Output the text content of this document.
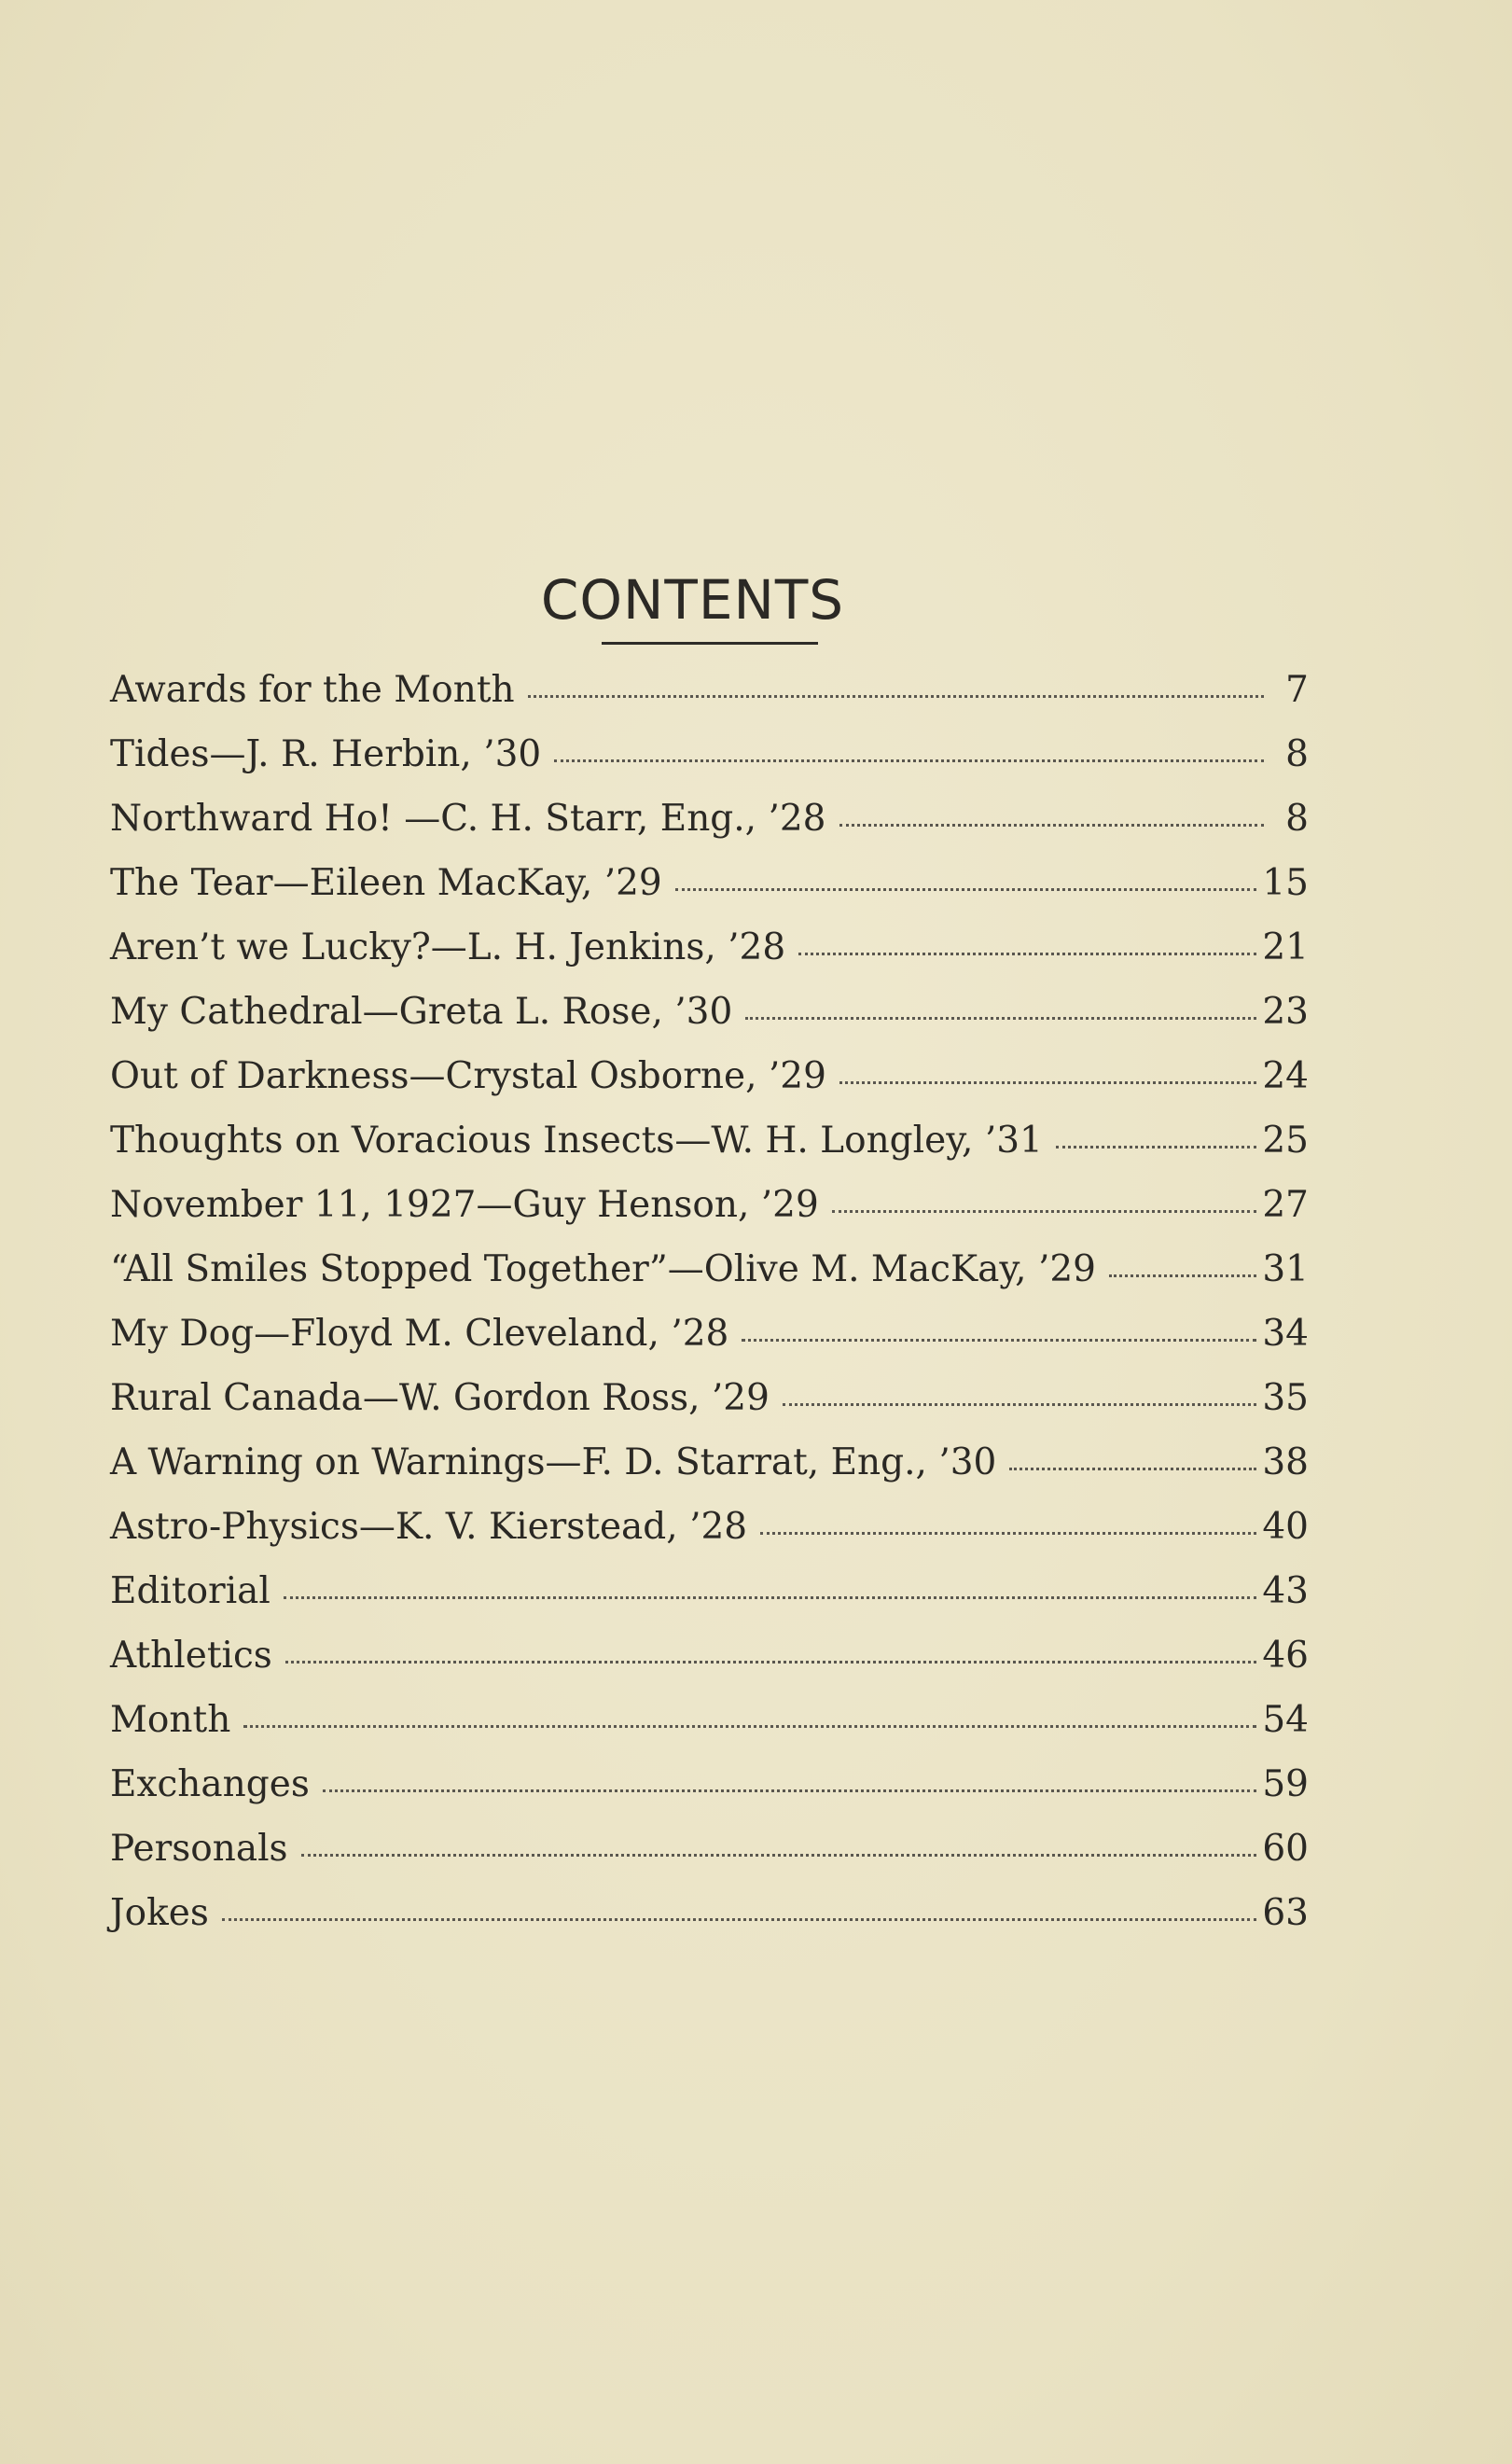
CONTENTS
Awards for the Month	7
Tides—J. R. Herbin, ’30	8
Northward Ho! —C. H. Starr, Eng., ’28	8
The Tear—Eileen MacKay, ’29	15
Aren’t we Lucky?—L. H. Jenkins, ’28	21
My Cathedral—Greta L. Rose, ’30	23
Out of Darkness—Crystal Osborne, ’29	24
Thoughts on Voracious Insects—W. H. Longley, ’31	25
November 11, 1927—Guy Henson, ’29	27
“All Smiles Stopped Together”—Olive M. MacKay, ’29	31
My Dog—Floyd M. Cleveland, ’28	34
Rural Canada—W. Gordon Ross, ’29	35
A Warning on Warnings—F. D. Starrat, Eng., ’30	38
Astro-Physics—K. V. Kierstead, ’28	40
Editorial	43
Athletics	46
Month	54
Exchanges	59
Personals	60
Jokes	63
